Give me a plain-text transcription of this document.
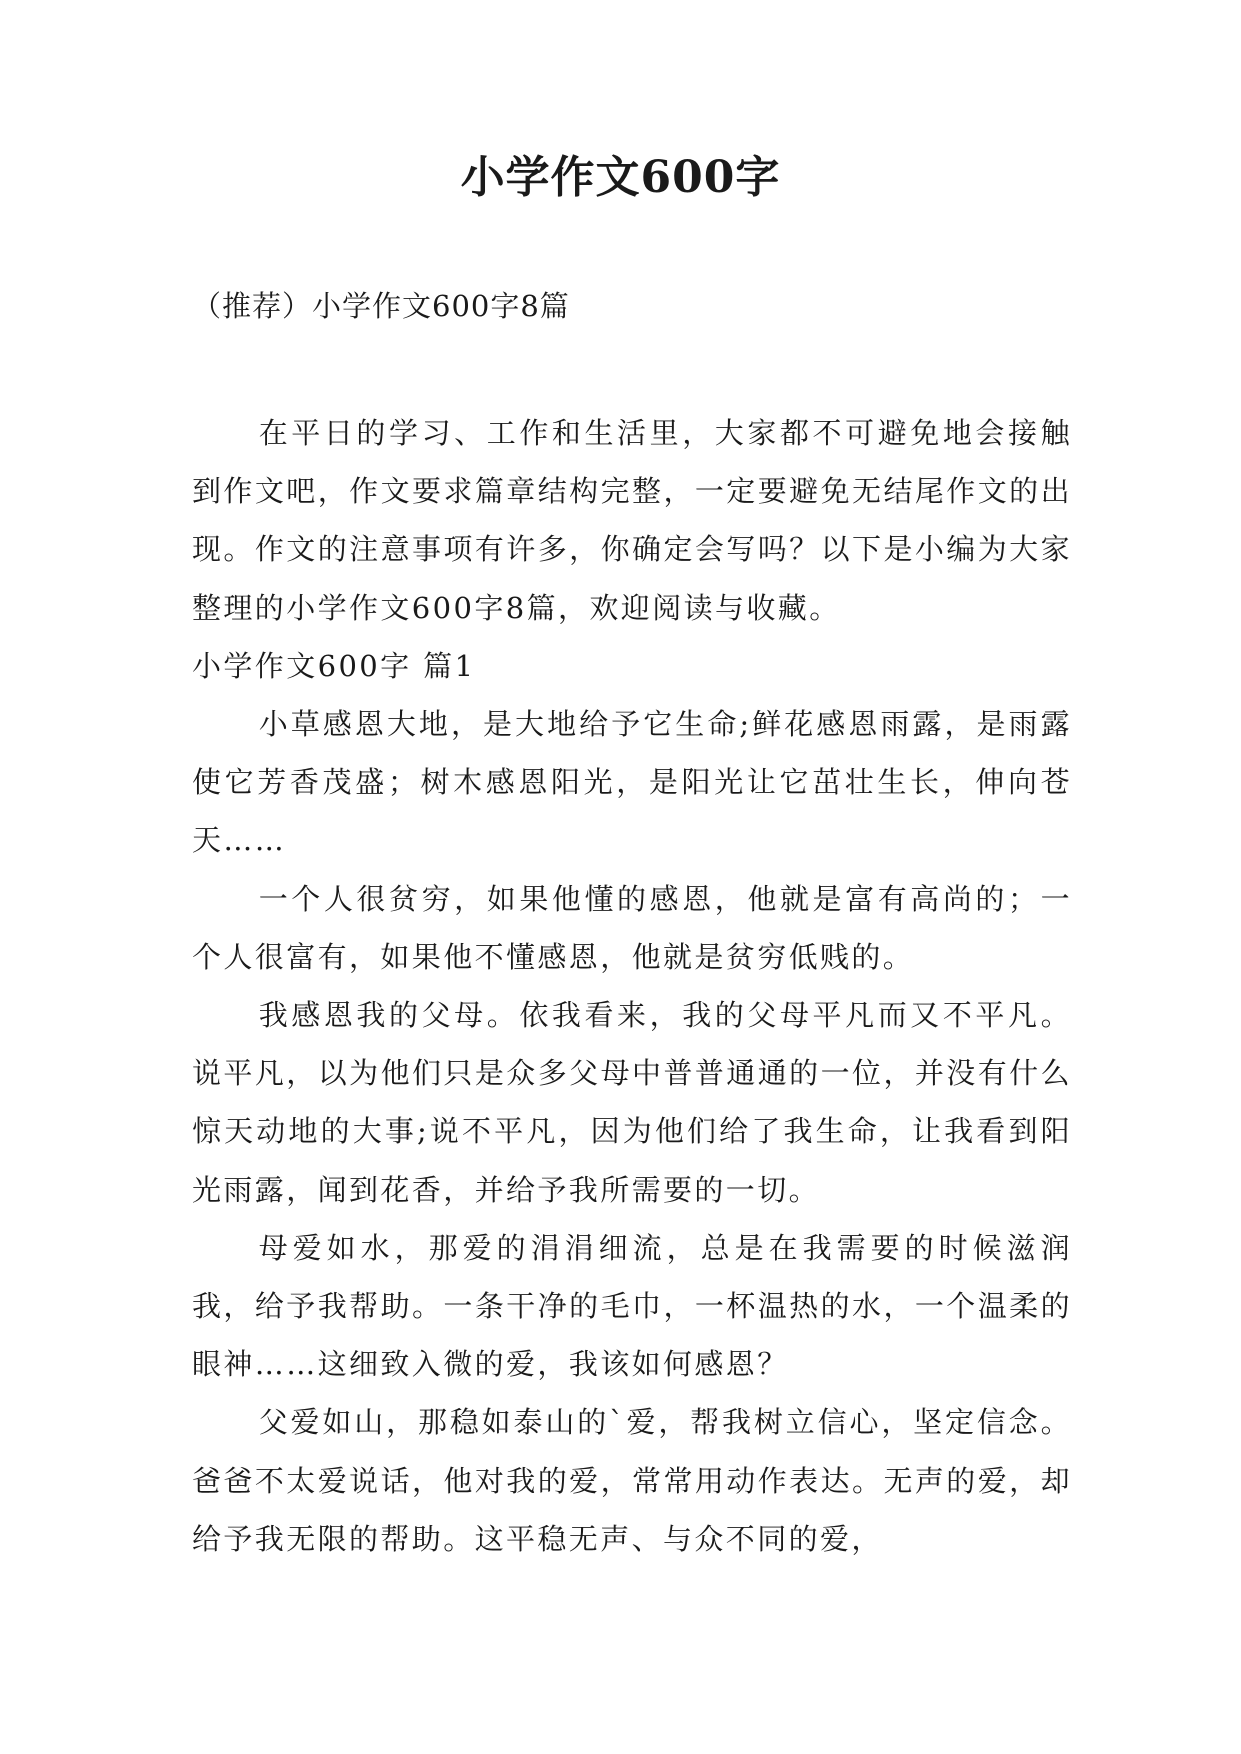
小学作文600字

（推荐）小学作文600字8篇

在平日的学习、工作和生活里，大家都不可避免地会接触到作文吧，作文要求篇章结构完整，一定要避免无结尾作文的出现。作文的注意事项有许多，你确定会写吗？以下是小编为大家整理的小学作文600字8篇，欢迎阅读与收藏。

小学作文600字 篇1

小草感恩大地，是大地给予它生命;鲜花感恩雨露，是雨露使它芳香茂盛；树木感恩阳光，是阳光让它茁壮生长，伸向苍天……

一个人很贫穷，如果他懂的感恩，他就是富有高尚的；一个人很富有，如果他不懂感恩，他就是贫穷低贱的。

我感恩我的父母。依我看来，我的父母平凡而又不平凡。说平凡，以为他们只是众多父母中普普通通的一位，并没有什么惊天动地的大事;说不平凡，因为他们给了我生命，让我看到阳光雨露，闻到花香，并给予我所需要的一切。

母爱如水，那爱的涓涓细流，总是在我需要的时候滋润我，给予我帮助。一条干净的毛巾，一杯温热的水，一个温柔的眼神……这细致入微的爱，我该如何感恩？

父爱如山，那稳如泰山的`爱，帮我树立信心，坚定信念。爸爸不太爱说话，他对我的爱，常常用动作表达。无声的爱，却给予我无限的帮助。这平稳无声、与众不同的爱，
